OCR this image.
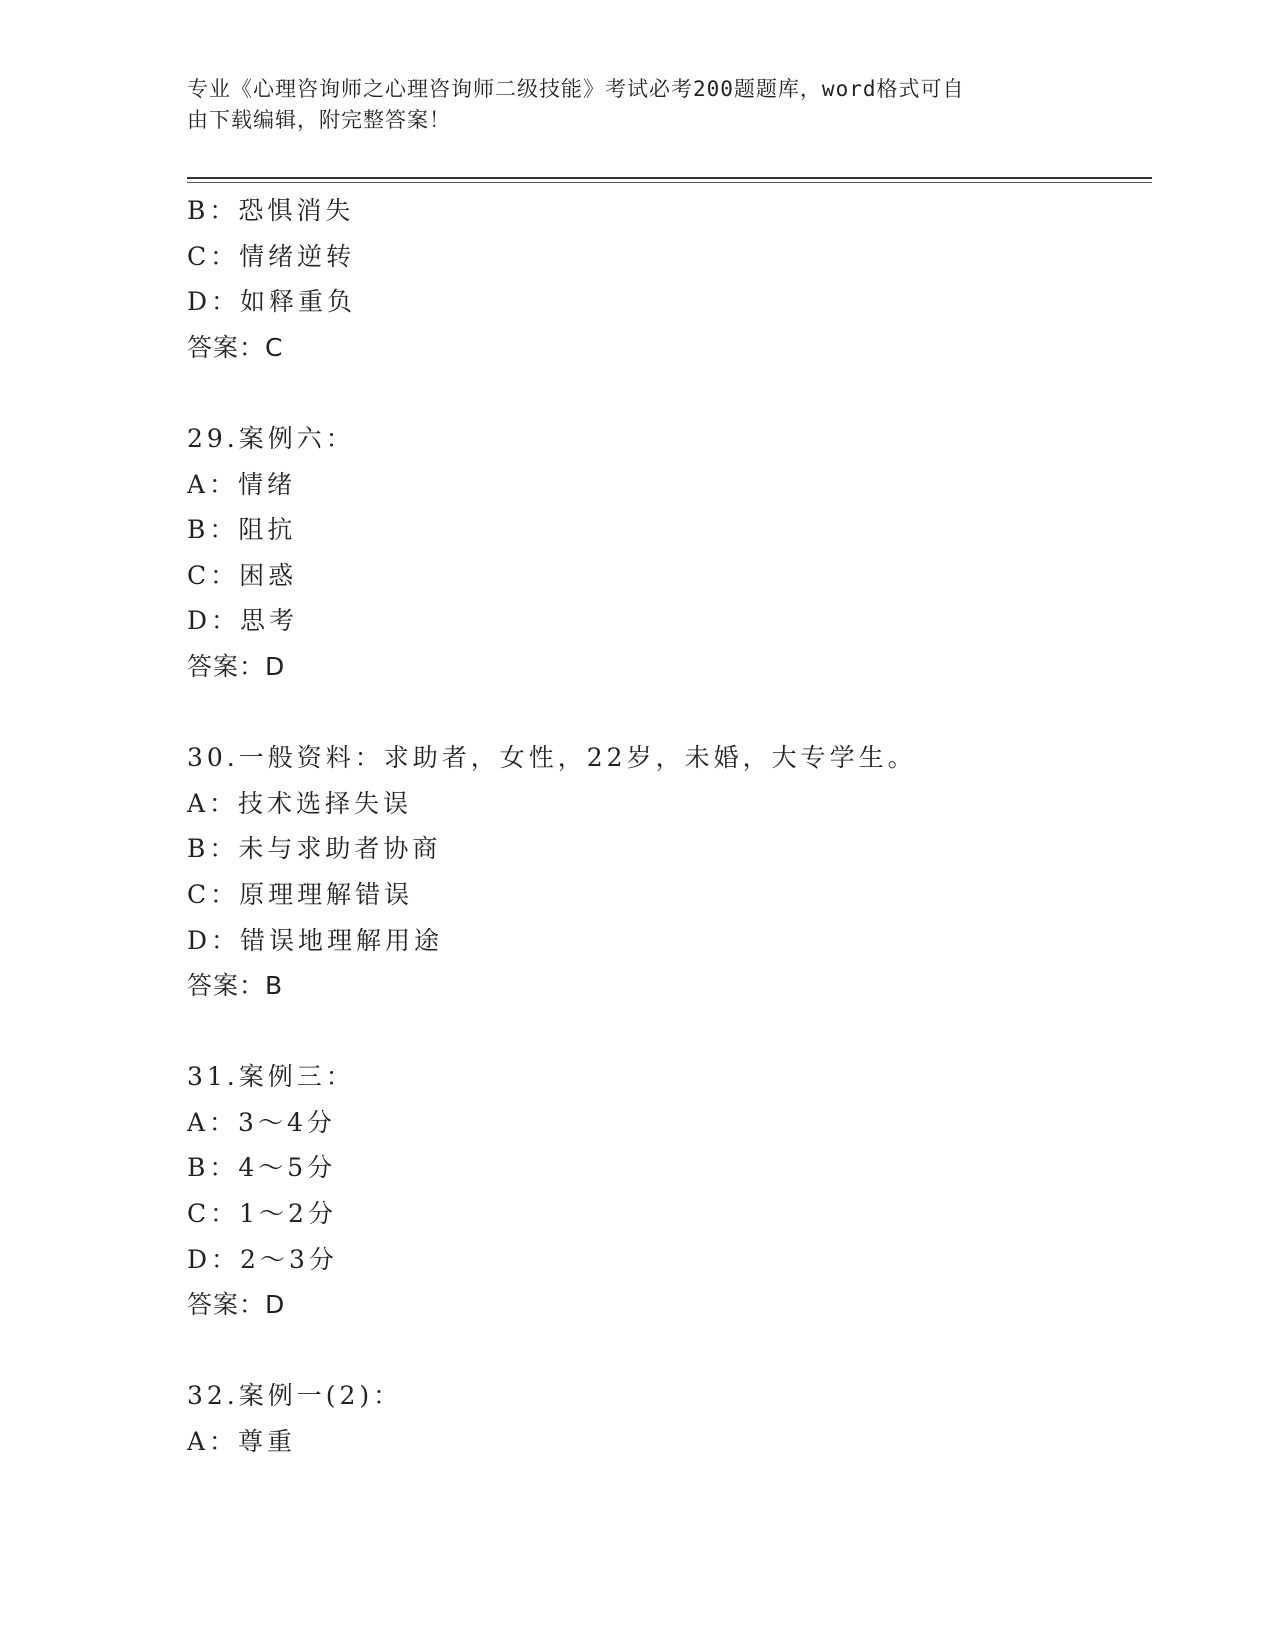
专业《心理咨询师之心理咨询师二级技能》考试必考200题题库，word格式可自
由下载编辑，附完整答案！
B：恐惧消失
C：情绪逆转
D：如释重负
答案：C
29.案例六：
A：情绪
B：阻抗
C：困惑
D：思考
答案：D
30.一般资料：求助者，女性，22岁，未婚，大专学生。
A：技术选择失误
B：未与求助者协商
C：原理理解错误
D：错误地理解用途
答案：B
31.案例三：
A：3～4分
B：4～5分
C：1～2分
D：2～3分
答案：D
32.案例一(2)：
A：尊重
